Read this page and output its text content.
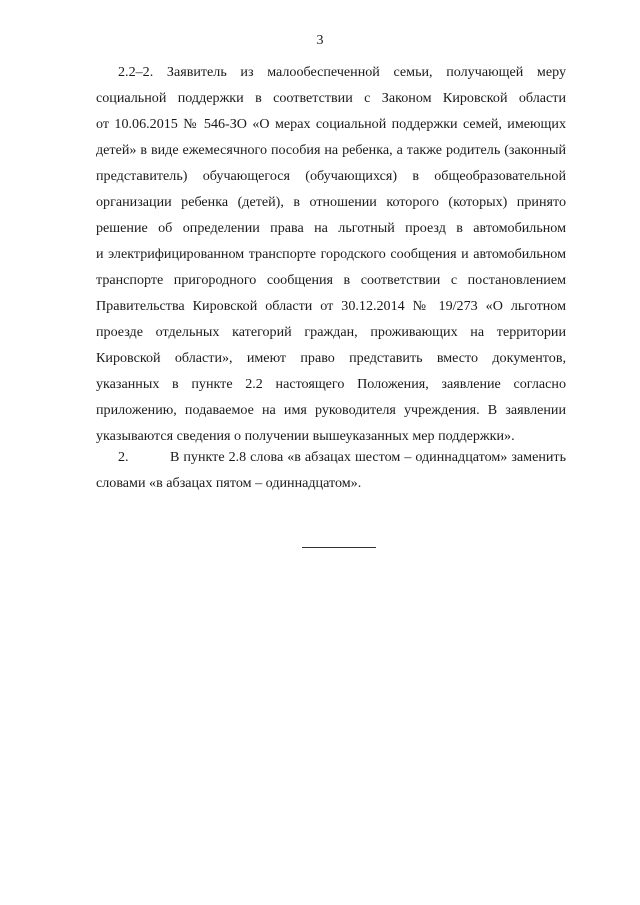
3
2.2–2. Заявитель из малообеспеченной семьи, получающей меру
социальной поддержки в соответствии с Законом Кировской области
от 10.06.2015 № 546-ЗО «О мерах социальной поддержки семей, имеющих
детей» в виде ежемесячного пособия на ребенка, а также родитель (законный
представитель) обучающегося (обучающихся) в общеобразовательной
организации ребенка (детей), в отношении которого (которых) принято
решение об определении права на льготный проезд в автомобильном
и электрифицированном транспорте городского сообщения и автомобильном
транспорте пригородного сообщения в соответствии с постановлением
Правительства Кировской области от 30.12.2014 № 19/273 «О льготном
проезде отдельных категорий граждан, проживающих на территории
Кировской области», имеют право представить вместо документов,
указанных в пункте 2.2 настоящего Положения, заявление согласно
приложению, подаваемое на имя руководителя учреждения. В заявлении
указываются сведения о получении вышеуказанных мер поддержки».
2.	В пункте 2.8 слова «в абзацах шестом – одиннадцатом» заменить
словами «в абзацах пятом – одиннадцатом».
